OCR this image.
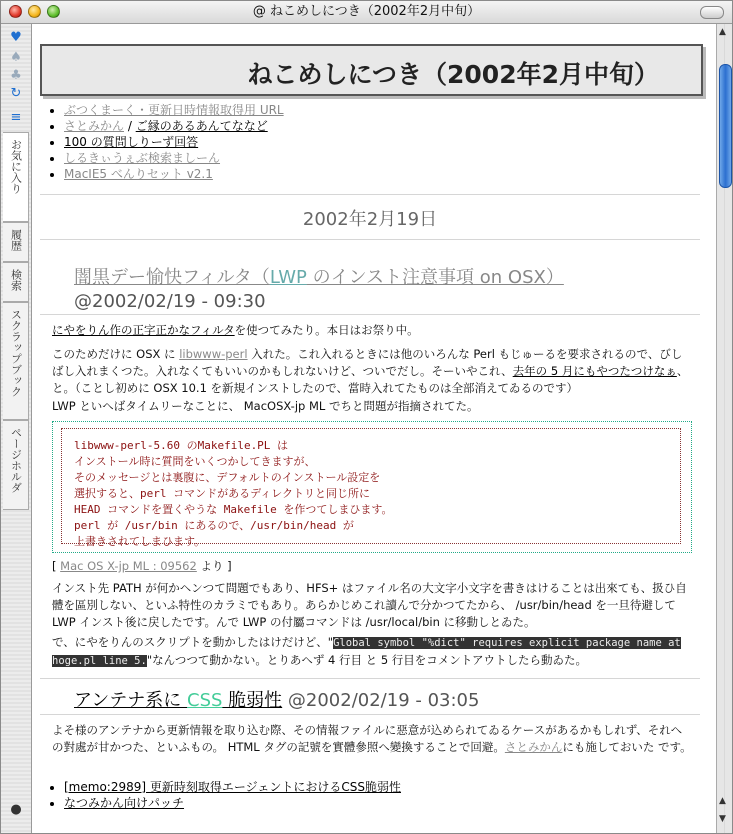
@ ねこめしにつき（2002年2月中旬）
♥
♠
♣
↻
≡
お気に入り
履歴
検索
スクラップブック
ページホルダ
●
ねこめしにつき（2002年2月中旬）
• ぶつくまーく・更新日時情報取得用 URL
• さとみかん / ご縁のあるあんてななど
• 100 の質問しりーず回答
• しるきぃうぇぶ検索ましーん
• MacIE5 べんりセット v2.1
2002年2月19日
闇黒デー愉快フィルタ（LWP のインスト注意事項 on OSX） @2002/02/19 - 09:30
にやをりん作の正字正かなフィルタを使つてみたり。本日はお祭り中。
このためだけに OSX に libwww-perl 入れた。これ入れるときには他のいろんな Perl もじゅーるを要求されるので、びしばし入れまくつた。入れなくてもいいのかもしれないけど、ついでだし。そーいやこれ、去年の 5 月にもやつたつけなぁ、と。（ことし初めに OSX 10.1 を新規インストしたので、當時入れてたものは全部消えてゐるのです）
LWP といへばタイムリーなことに、 MacOSX-jp ML でちと問題が指摘されてた。
libwww-perl-5.60 のMakefile.PL は
インストール時に質問をいくつかしてきますが、
そのメッセージとは裏腹に、デフォルトのインストール設定を
選択すると、perl コマンドがあるディレクトリと同じ所に
HEAD コマンドを置くやうな Makefile を作つてしまひます。
perl が /usr/bin にあるので、/usr/bin/head が
上書きされてしまひます。
[ Mac OS X-jp ML : 09562 より ]
インスト先 PATH が何かヘンつて問題でもあり、HFS+ はファイル名の大文字小文字を書きはけることは出來ても、扱ひ自體を區別しない、といふ特性のカラミでもあり。あらかじめこれ讀んで分かつてたから、 /usr/bin/head を一旦待避して LWP インスト後に戻したです。んで LWP の付屬コマンドは /usr/local/bin に移動しとゐた。
で、にやをりんのスクリプトを動かしたはけだけど、"Global symbol "%dict" requires explicit package name at hoge.pl line 5."なんつつて動かない。とりあへず 4 行目 と 5 行目をコメントアウトしたら動ゐた。
アンテナ系に CSS 脆弱性 @2002/02/19 - 03:05
よそ様のアンテナから更新情報を取り込む際、その情報ファイルに惡意が込められてゐるケースがあるかもしれず、それへの對處が甘かつた、といふもの。 HTML タグの記號を實體參照へ變換することで回避。さとみかんにも施しておいた です。
• [memo:2989] 更新時刻取得エージェントにおけるCSS脆弱性
• なつみかん向けパッチ
▲
▲
▼
